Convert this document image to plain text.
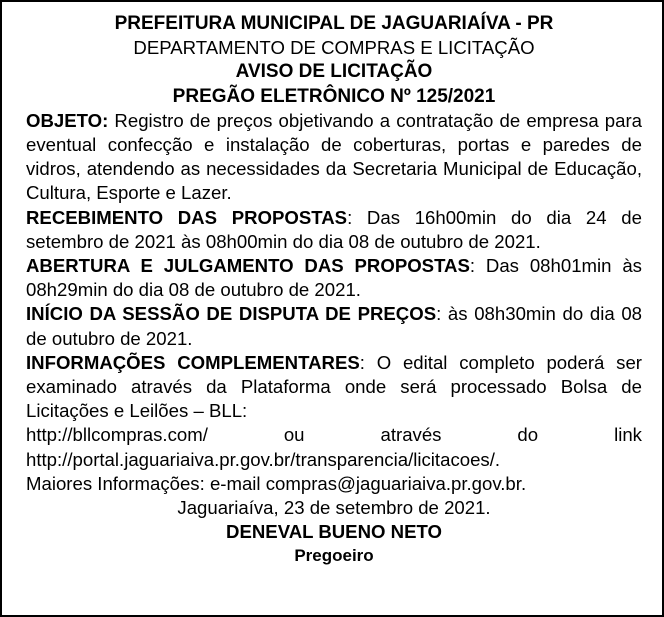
PREFEITURA MUNICIPAL DE JAGUARIAÍVA - PR
DEPARTAMENTO DE COMPRAS E LICITAÇÃO
AVISO DE LICITAÇÃO
PREGÃO ELETRÔNICO Nº 125/2021

OBJETO: Registro de preços objetivando a contratação de empresa para eventual confecção e instalação de coberturas, portas e paredes de vidros, atendendo as necessidades da Secretaria Municipal de Educação, Cultura, Esporte e Lazer.

RECEBIMENTO DAS PROPOSTAS: Das 16h00min do dia 24 de setembro de 2021 às 08h00min do dia 08 de outubro de 2021.

ABERTURA E JULGAMENTO DAS PROPOSTAS: Das 08h01min às 08h29min do dia 08 de outubro de 2021.

INÍCIO DA SESSÃO DE DISPUTA DE PREÇOS: às 08h30min do dia 08 de outubro de 2021.

INFORMAÇÕES COMPLEMENTARES: O edital completo poderá ser examinado através da Plataforma onde será processado Bolsa de Licitações e Leilões – BLL:

http://bllcompras.com/	ou através do link

http://portal.jaguariaiva.pr.gov.br/transparencia/licitacoes/.

Maiores Informações: e-mail compras@jaguariaiva.pr.gov.br.

Jaguariaíva, 23 de setembro de 2021.
DENEVAL BUENO NETO
Pregoeiro
